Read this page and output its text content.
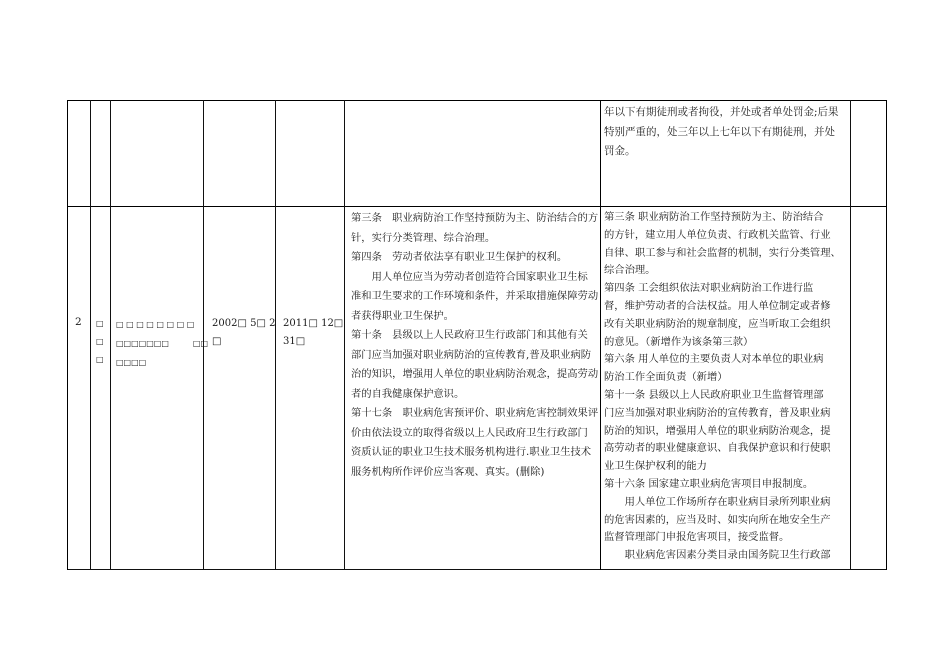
年以下有期徒刑或者拘役，并处或者单处罚金;后果
特别严重的，处三年以上七年以下有期徒刑，并处
罚金。
2 □
□
□
□ □ □ □ □ □ □ □
□□□□□□□　　　□□
□□□□
2002□ 5□ 2
□
2011□ 12□
31□
第三条　职业病防治工作坚持预防为主、防治结合的方
针，实行分类管理、综合治理。
第四条　劳动者依法享有职业卫生保护的权利。
　　用人单位应当为劳动者创造符合国家职业卫生标
准和卫生要求的工作环境和条件，并采取措施保障劳动
者获得职业卫生保护。
第十条　县级以上人民政府卫生行政部门和其他有关
部门应当加强对职业病防治的宣传教育,普及职业病防
治的知识，增强用人单位的职业病防治观念，提高劳动
者的自我健康保护意识。
第十七条　职业病危害预评价、职业病危害控制效果评
价由依法设立的取得省级以上人民政府卫生行政部门
资质认证的职业卫生技术服务机构进行.职业卫生技术
服务机构所作评价应当客观、真实。(删除)
第三条 职业病防治工作坚持预防为主、防治结合
的方针，建立用人单位负责、行政机关监管、行业
自律、职工参与和社会监督的机制，实行分类管理、
综合治理。
第四条 工会组织依法对职业病防治工作进行监
督，维护劳动者的合法权益。用人单位制定或者修
改有关职业病防治的规章制度，应当听取工会组织
的意见。（新增作为该条第三款）
第六条 用人单位的主要负责人对本单位的职业病
防治工作全面负责（新增）
第十一条 县级以上人民政府职业卫生监督管理部
门应当加强对职业病防治的宣传教育，普及职业病
防治的知识，增强用人单位的职业病防治观念，提
高劳动者的职业健康意识、自我保护意识和行使职
业卫生保护权利的能力
第十六条 国家建立职业病危害项目申报制度。
　　用人单位工作场所存在职业病目录所列职业病
的危害因素的，应当及时、如实向所在地安全生产
监督管理部门申报危害项目，接受监督。
　　职业病危害因素分类目录由国务院卫生行政部
